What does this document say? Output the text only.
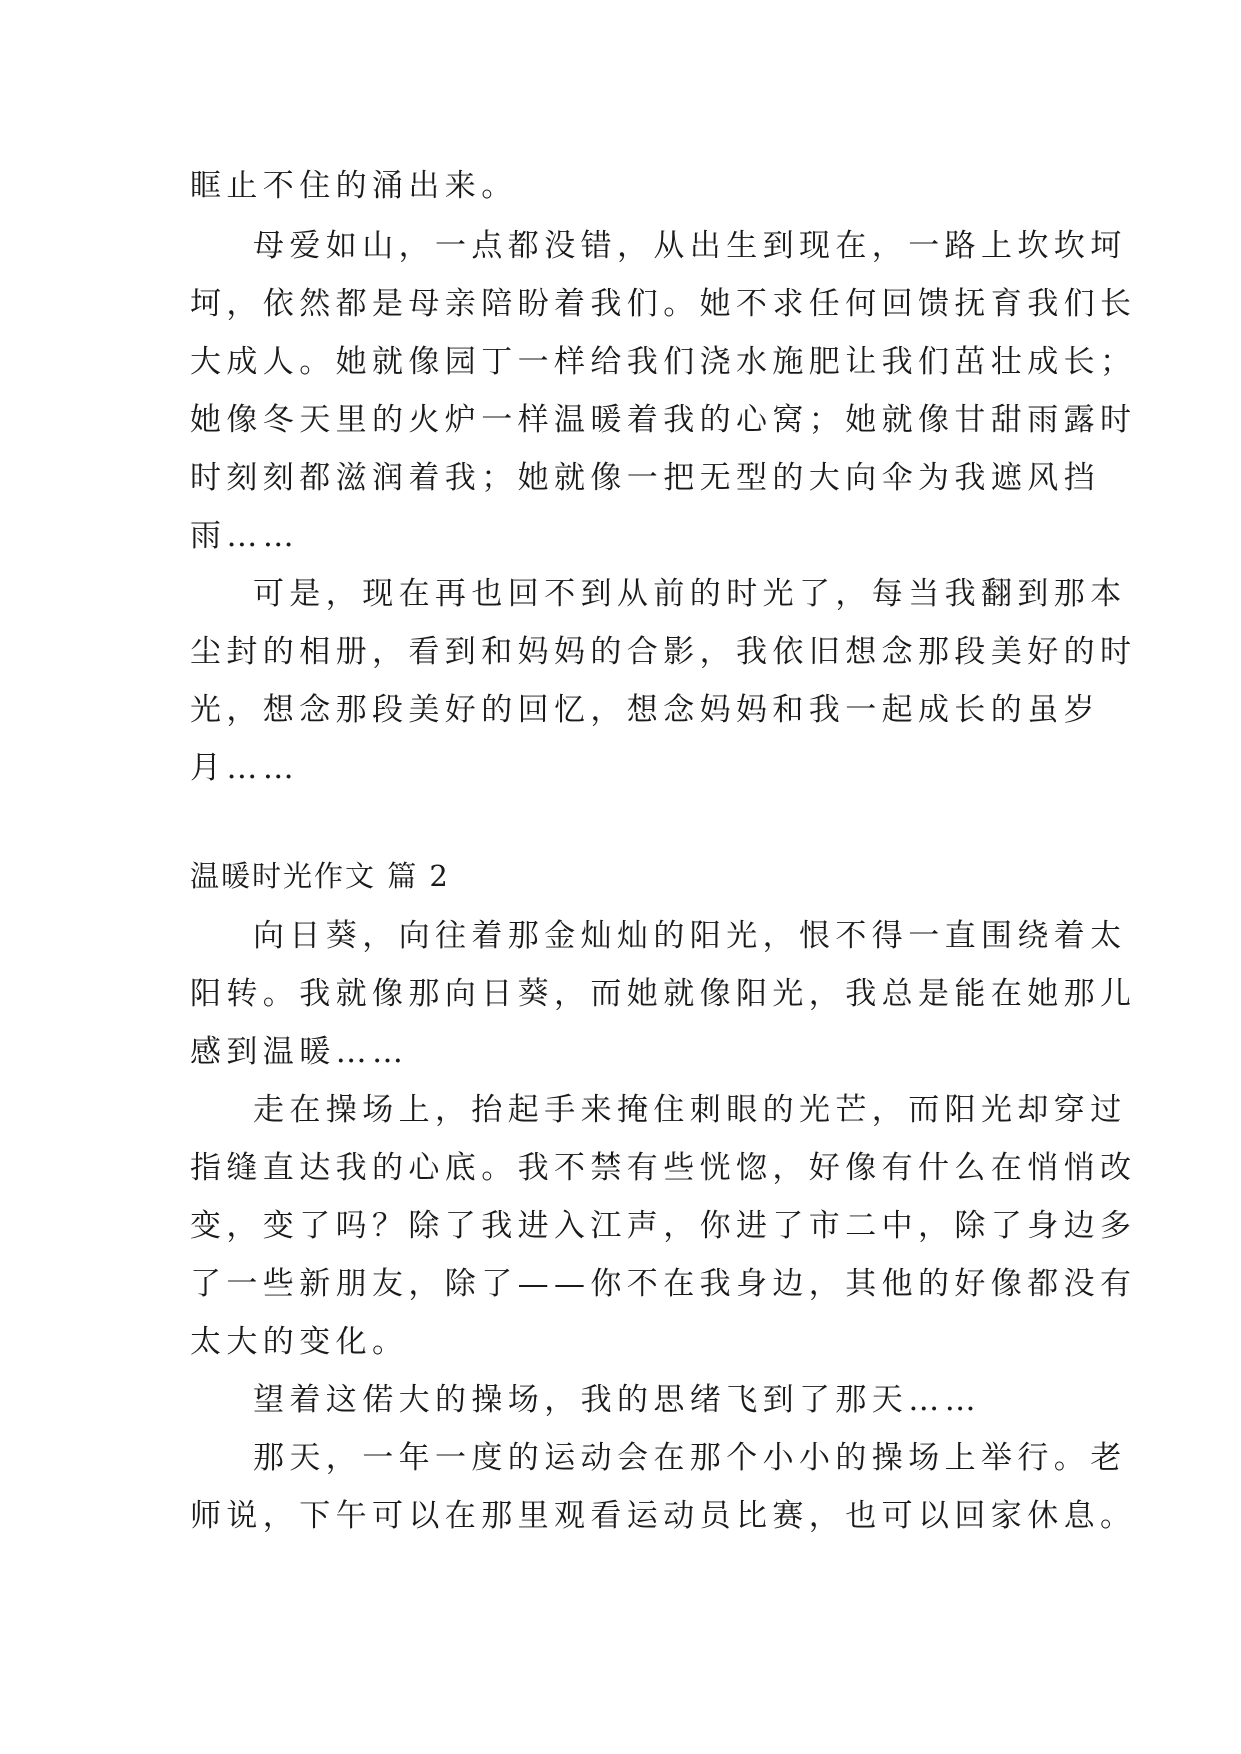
眶止不住的涌出来。
母爱如山，一点都没错，从出生到现在，一路上坎坎坷
坷，依然都是母亲陪盼着我们。她不求任何回馈抚育我们长
大成人。她就像园丁一样给我们浇水施肥让我们茁壮成长；
她像冬天里的火炉一样温暖着我的心窝；她就像甘甜雨露时
时刻刻都滋润着我；她就像一把无型的大向伞为我遮风挡
雨……
可是，现在再也回不到从前的时光了，每当我翻到那本
尘封的相册，看到和妈妈的合影，我依旧想念那段美好的时
光，想念那段美好的回忆，想念妈妈和我一起成长的虽岁
月……
温暖时光作文 篇 2
向日葵，向往着那金灿灿的阳光，恨不得一直围绕着太
阳转。我就像那向日葵，而她就像阳光，我总是能在她那儿
感到温暖……
走在操场上，抬起手来掩住刺眼的光芒，而阳光却穿过
指缝直达我的心底。我不禁有些恍惚，好像有什么在悄悄改
变，变了吗？除了我进入江声，你进了市二中，除了身边多
了一些新朋友，除了——你不在我身边，其他的好像都没有
太大的变化。
望着这偌大的操场，我的思绪飞到了那天……
那天，一年一度的运动会在那个小小的操场上举行。老
师说，下午可以在那里观看运动员比赛，也可以回家休息。
